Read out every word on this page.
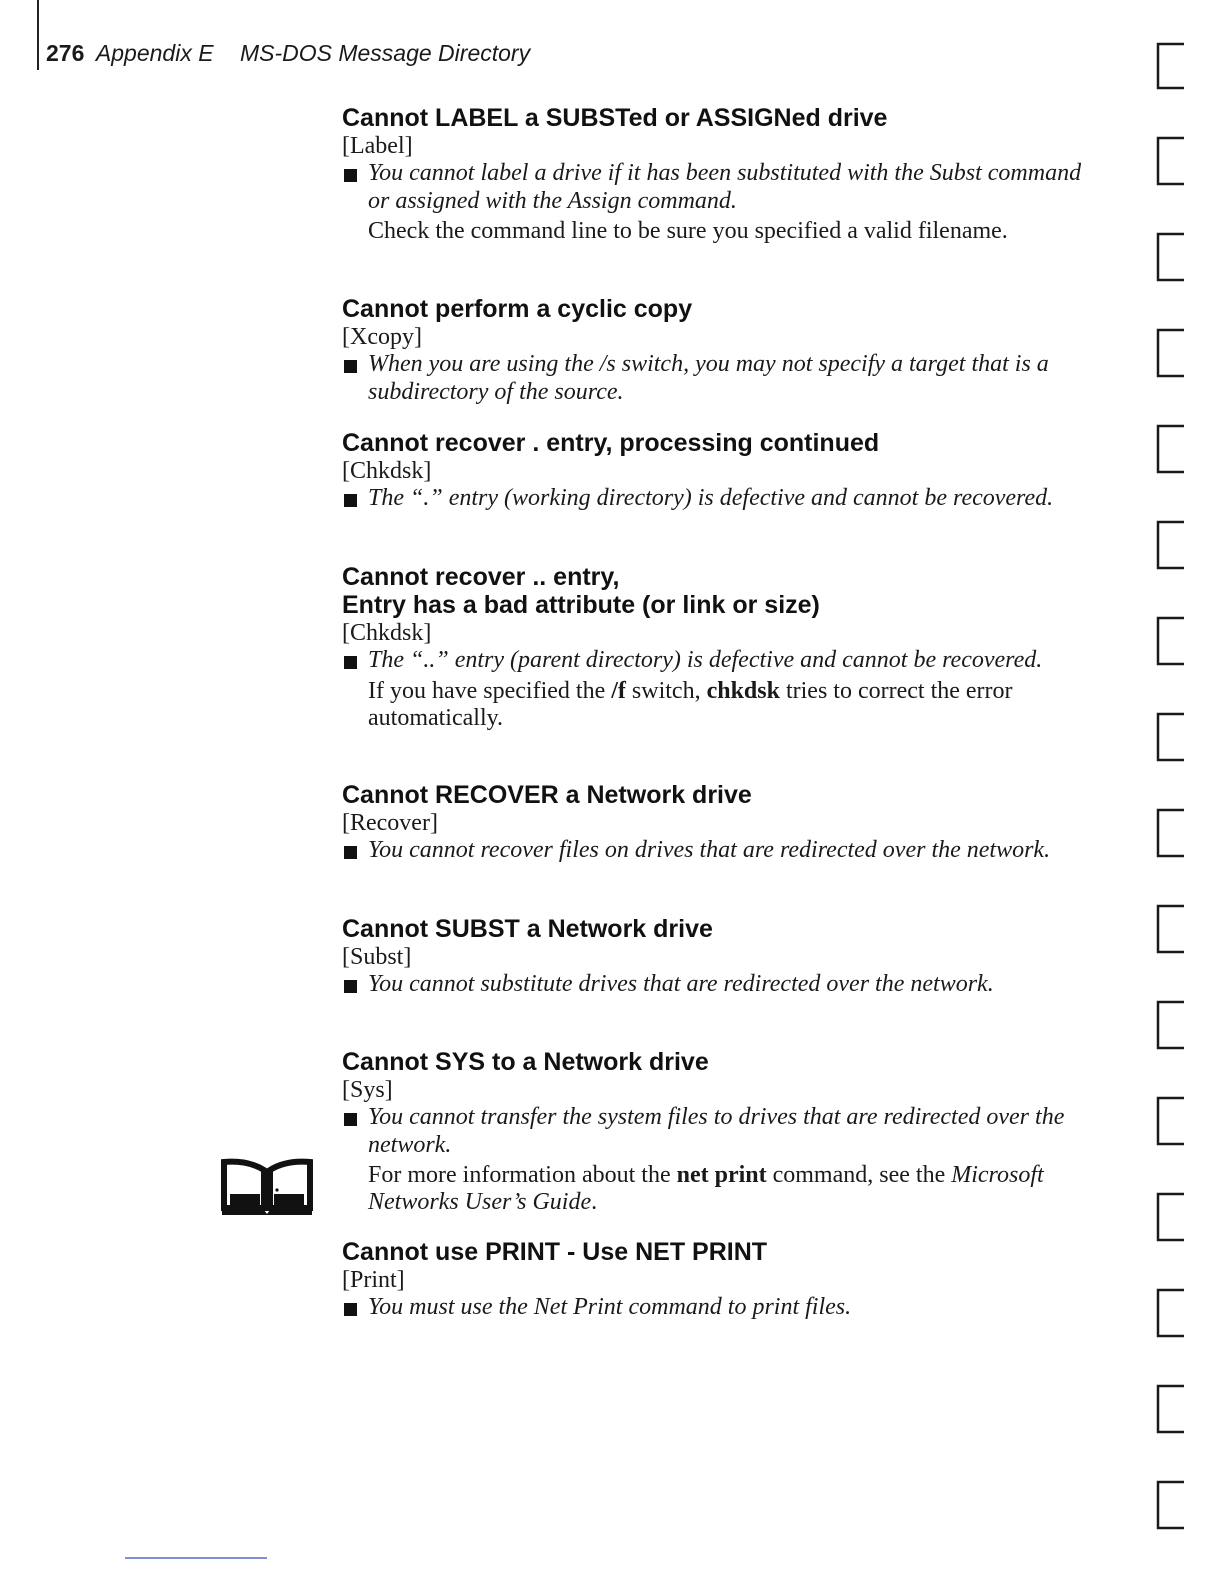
276 Appendix E MS-DOS Message Directory
Cannot LABEL a SUBSTed or ASSIGNed drive
[Label]
You cannot label a drive if it has been substituted with the Subst command or assigned with the Assign command.
Check the command line to be sure you specified a valid filename.
Cannot perform a cyclic copy
[Xcopy]
When you are using the /s switch, you may not specify a target that is a subdirectory of the source.
Cannot recover . entry, processing continued
[Chkdsk]
The “.” entry (working directory) is defective and cannot be recovered.
Cannot recover .. entry,
Entry has a bad attribute (or link or size)
[Chkdsk]
The “..” entry (parent directory) is defective and cannot be recovered.
If you have specified the /f switch, chkdsk tries to correct the error automatically.
Cannot RECOVER a Network drive
[Recover]
You cannot recover files on drives that are redirected over the network.
Cannot SUBST a Network drive
[Subst]
You cannot substitute drives that are redirected over the network.
Cannot SYS to a Network drive
[Sys]
You cannot transfer the system files to drives that are redirected over the network.
For more information about the net print command, see the Microsoft Networks User’s Guide.
Cannot use PRINT - Use NET PRINT
[Print]
You must use the Net Print command to print files.
